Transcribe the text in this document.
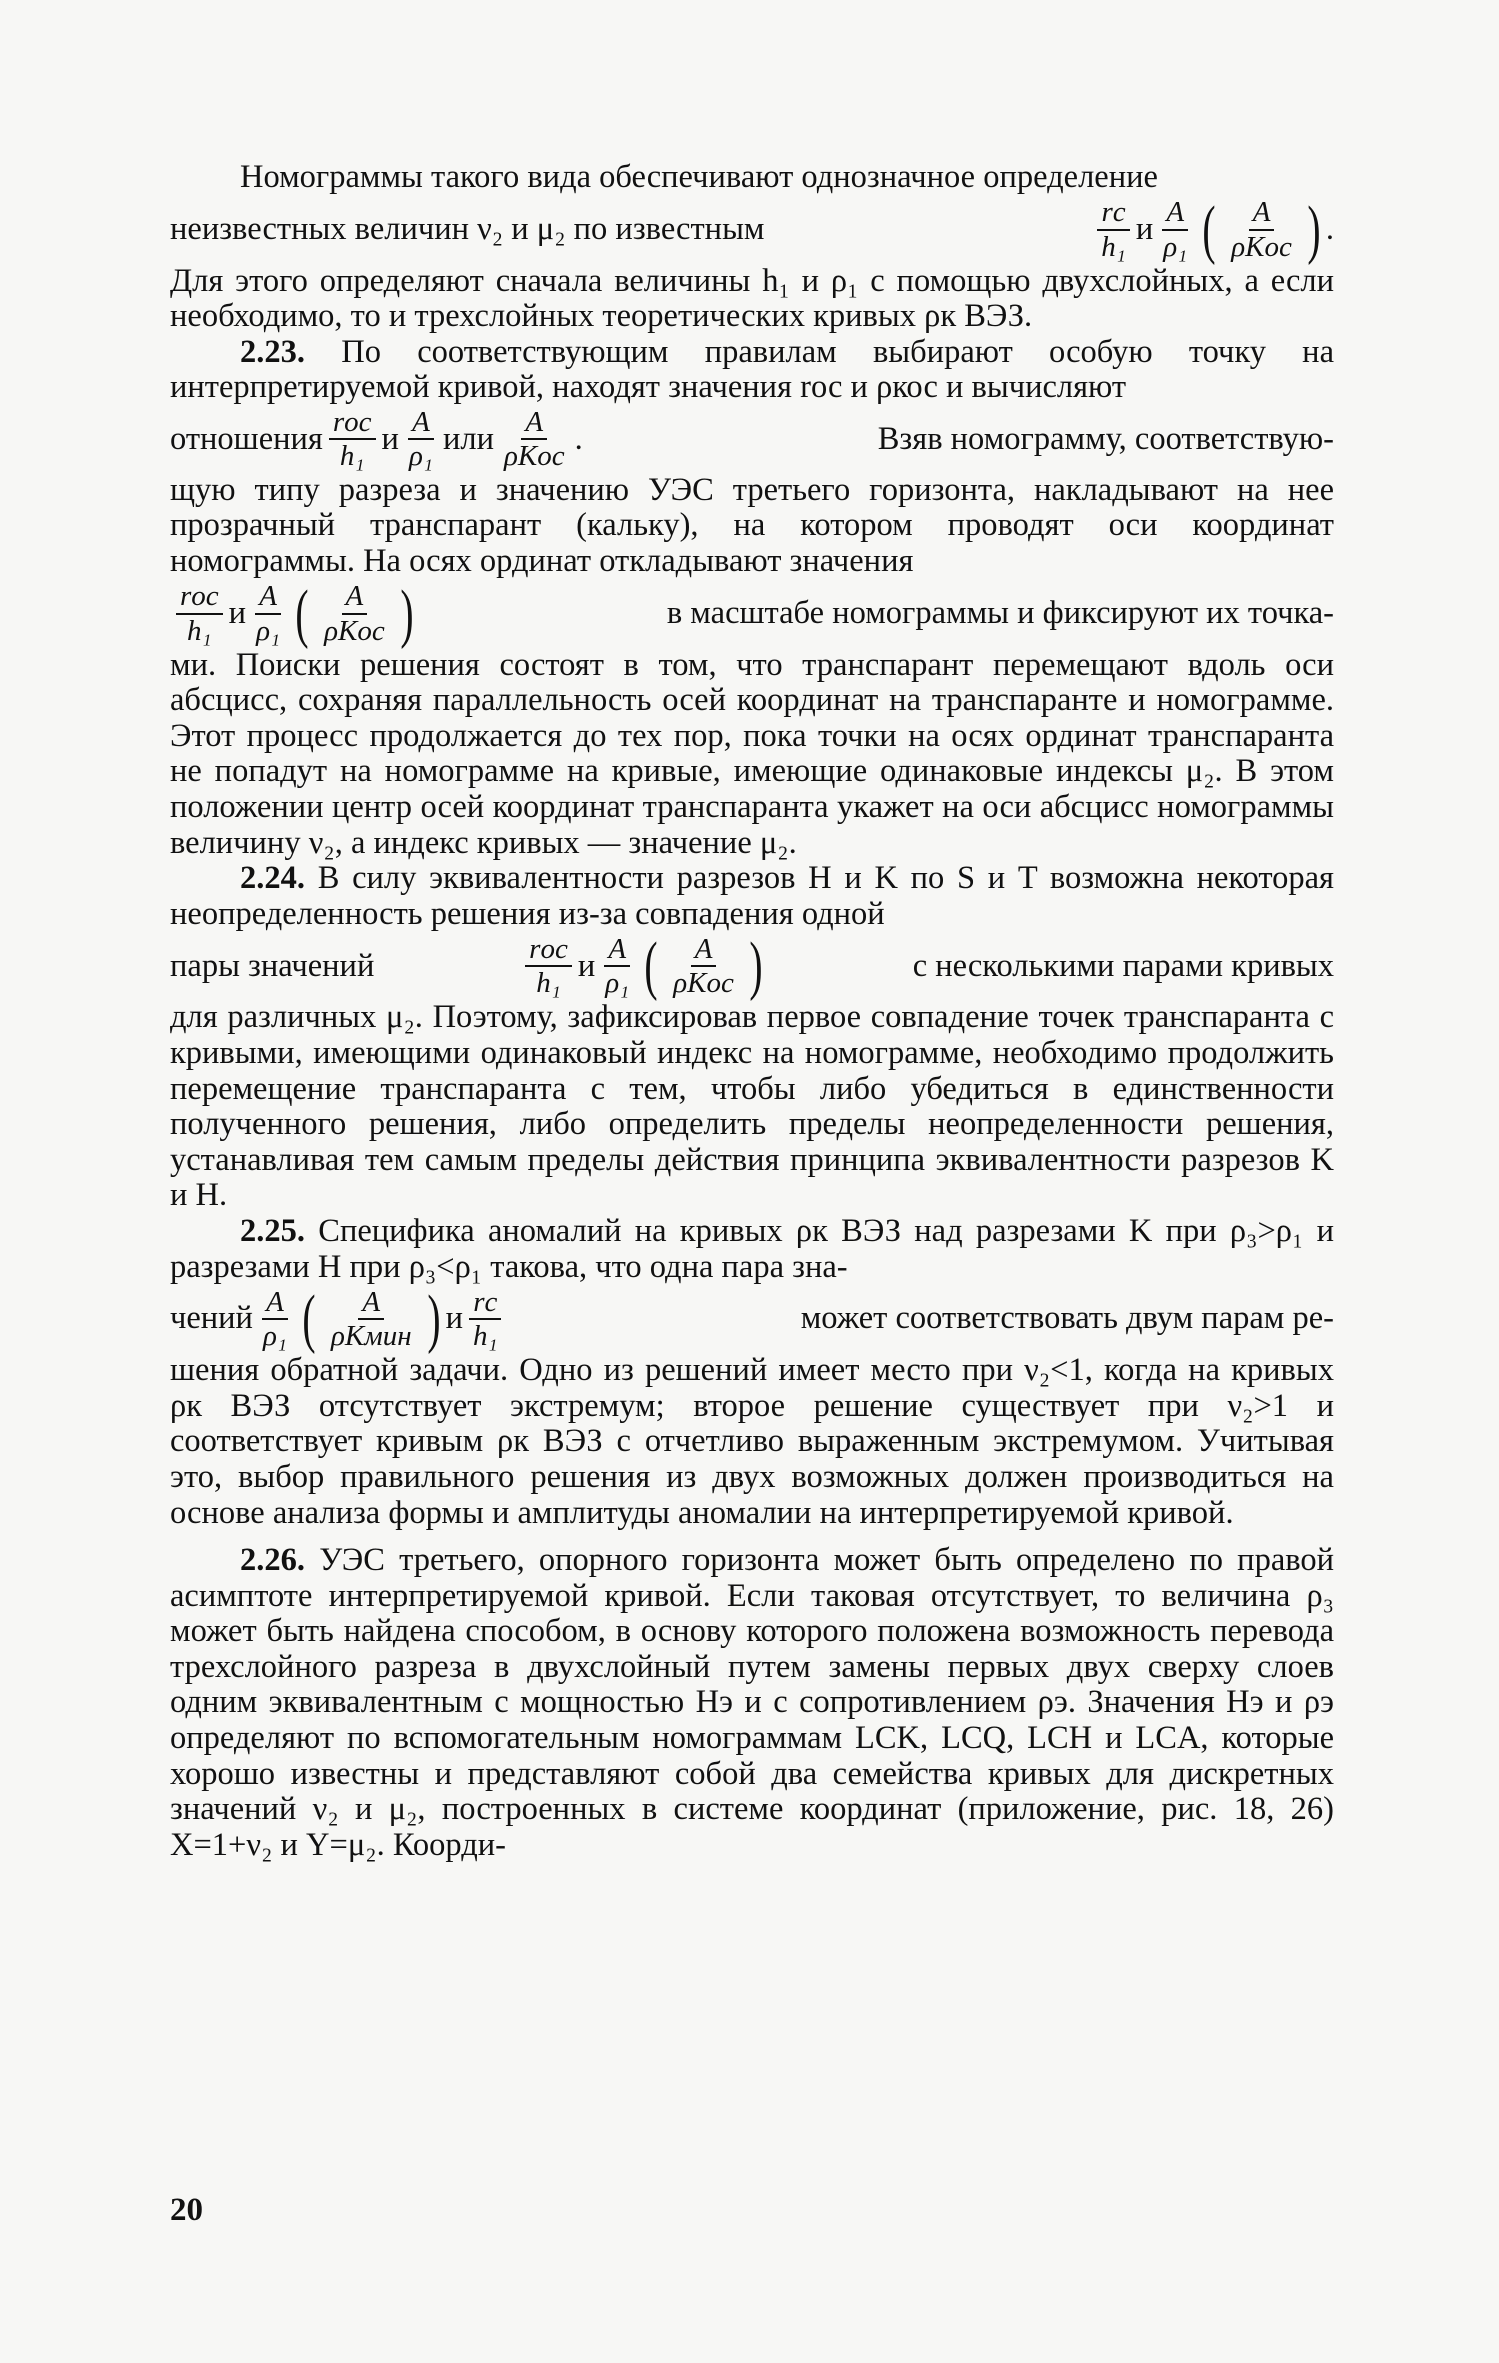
Номограммы такого вида обеспечивают однозначное определение

неизвестных величин ν₂ и μ₂ по известным	$\frac{rс}{\text{h₁}}$ и $\frac{A}{\text{ρ₁}}$ ( $\frac{A}{\text{ρKос}}$ ) .

Для этого определяют сначала величины h₁ и ρ₁ с помощью двухслойных, а если необходимо, то и трехслойных теоретических кривых ρк ВЭЗ.

2.23. По соответствующим правилам выбирают особую точку на интерпретируемой кривой, находят значения rос и ρкос и вычисляют

отношения $\frac{\text{rос}}{\text{h₁}}$ и $\frac{A}{\text{ρ₁}}$ или $\frac{A}{\text{ρKос}}$ .	Взяв номограмму, соответствую-

щую типу разреза и значению УЭС третьего горизонта, накладывают на нее прозрачный транспарант (кальку), на котором проводят оси координат номограммы. На осях ординат откладывают значения

$\frac{\text{rос}}{\text{h₁}}$ и $\frac{A}{\text{ρ₁}}$ ( $\frac{A}{\text{ρKос}}$ )	в масштабе номограммы и фиксируют их точка-

ми. Поиски решения состоят в том, что транспарант перемещают вдоль оси абсцисс, сохраняя параллельность осей координат на транспаранте и номограмме. Этот процесс продолжается до тех пор, пока точки на осях ординат транспаранта не попадут на номограмме на кривые, имеющие одинаковые индексы μ₂. В этом положении центр осей координат транспаранта укажет на оси абсцисс номограммы величину ν₂, а индекс кривых — значение μ₂.

2.24. В силу эквивалентности разрезов H и K по S и T возможна некоторая неопределенность решения из-за совпадения одной

пары значений	$\frac{\text{rос}}{\text{h₁}}$ и $\frac{A}{\text{ρ₁}}$ ( $\frac{A}{\text{ρKос}}$ )	с несколькими парами кривых

для различных μ₂. Поэтому, зафиксировав первое совпадение точек транспаранта с кривыми, имеющими одинаковый индекс на номограмме, необходимо продолжить перемещение транспаранта с тем, чтобы либо убедиться в единственности полученного решения, либо определить пределы неопределенности решения, устанавливая тем самым пределы действия принципа эквивалентности разрезов K и H.

2.25. Специфика аномалий на кривых ρк ВЭЗ над разрезами K при ρ₃>ρ₁ и разрезами H при ρ₃<ρ₁ такова, что одна пара зна-

чений $\frac{A}{\text{ρ₁}}$ ( $\frac{A}{\text{ρKмин}}$ ) и $\frac{rс}{\text{h₁}}$	может соответствовать двум парам ре-

шения обратной задачи. Одно из решений имеет место при ν₂<1, когда на кривых ρк ВЭЗ отсутствует экстремум; второе решение существует при ν₂>1 и соответствует кривым ρк ВЭЗ с отчетливо выраженным экстремумом. Учитывая это, выбор правильного решения из двух возможных должен производиться на основе анализа формы и амплитуды аномалии на интерпретируемой кривой.

2.26. УЭС третьего, опорного горизонта может быть определено по правой асимптоте интерпретируемой кривой. Если таковая отсутствует, то величина ρ₃ может быть найдена способом, в основу которого положена возможность перевода трехслойного разреза в двухслойный путем замены первых двух сверху слоев одним эквивалентным с мощностью Hэ и с сопротивлением ρэ. Значения Hэ и ρэ определяют по вспомогательным номограммам LCK, LCQ, LCH и LCA, которые хорошо известны и представляют собой два семейства кривых для дискретных значений ν₂ и μ₂, построенных в системе координат (приложение, рис. 18, 26) X=1+ν₂ и Y=μ₂. Коорди-

20
